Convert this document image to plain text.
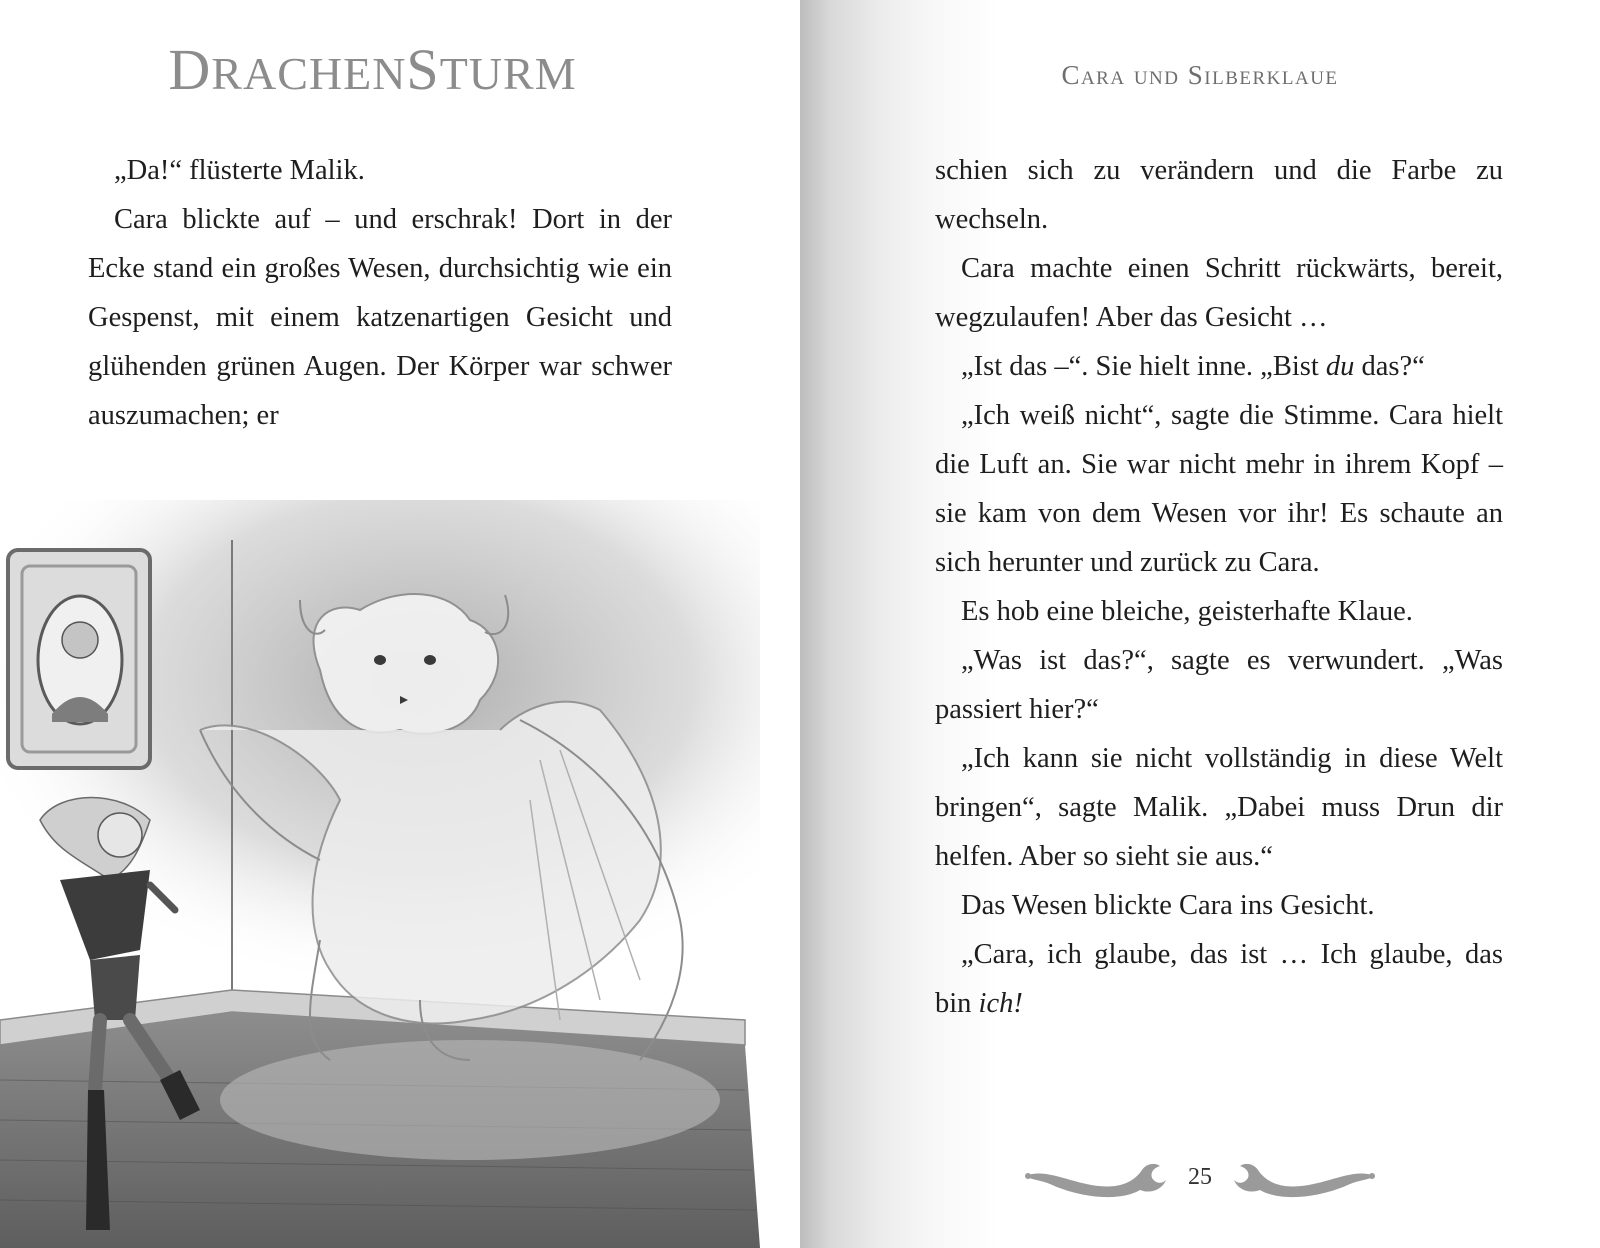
DRACHENSTURM

„Da!“ flüsterte Malik.

Cara blickte auf – und erschrak! Dort in der Ecke stand ein großes Wesen, durchsichtig wie ein Gespenst, mit einem katzenartigen Gesicht und glühenden grünen Augen. Der Körper war schwer auszumachen; er

Cara und Silberklaue

schien sich zu verändern und die Farbe zu wechseln.

Cara machte einen Schritt rückwärts, bereit, wegzulaufen! Aber das Gesicht …

„Ist das –“. Sie hielt inne. „Bist du das?“

„Ich weiß nicht“, sagte die Stimme. Cara hielt die Luft an. Sie war nicht mehr in ihrem Kopf – sie kam von dem Wesen vor ihr! Es schaute an sich herunter und zurück zu Cara.

Es hob eine bleiche, geisterhafte Klaue.

„Was ist das?“, sagte es verwundert. „Was passiert hier?“

„Ich kann sie nicht vollständig in diese Welt bringen“, sagte Malik. „Dabei muss Drun dir helfen. Aber so sieht sie aus.“

Das Wesen blickte Cara ins Gesicht.

„Cara, ich glaube, das ist … Ich glaube, das bin ich!

25
